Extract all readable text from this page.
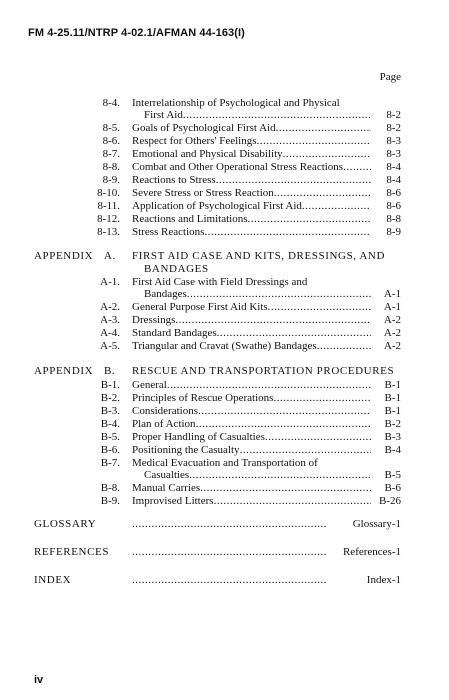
FM 4-25.11/NTRP 4-02.1/AFMAN 44-163(I)
Page
8-4. Interrelationship of Psychological and Physical
First Aid .....	8-2
8-5. Goals of Psychological First Aid .....	8-2
8-6. Respect for Others' Feelings .....	8-3
8-7. Emotional and Physical Disability .....	8-3
8-8. Combat and Other Operational Stress Reactions .....	8-4
8-9. Reactions to Stress .....	8-4
8-10. Severe Stress or Stress Reaction .....	8-6
8-11. Application of Psychological First Aid .....	8-6
8-12. Reactions and Limitations .....	8-8
8-13. Stress Reactions .....	8-9
APPENDIX A. FIRST AID CASE AND KITS, DRESSINGS, AND
BANDAGES
A-1. First Aid Case with Field Dressings and
Bandages .....	A-1
A-2. General Purpose First Aid Kits .....	A-1
A-3. Dressings .....	A-2
A-4. Standard Bandages .....	A-2
A-5. Triangular and Cravat (Swathe) Bandages .....	A-2
APPENDIX B. RESCUE AND TRANSPORTATION PROCEDURES
B-1. General .....	B-1
B-2. Principles of Rescue Operations .....	B-1
B-3. Considerations .....	B-1
B-4. Plan of Action .....	B-2
B-5. Proper Handling of Casualties .....	B-3
B-6. Positioning the Casualty .....	B-4
B-7. Medical Evacuation and Transportation of
Casualties .....	B-5
B-8. Manual Carries .....	B-6
B-9. Improvised Litters .....	B-26
GLOSSARY .....	Glossary-1
REFERENCES .....	References-1
INDEX .....	Index-1
iv
